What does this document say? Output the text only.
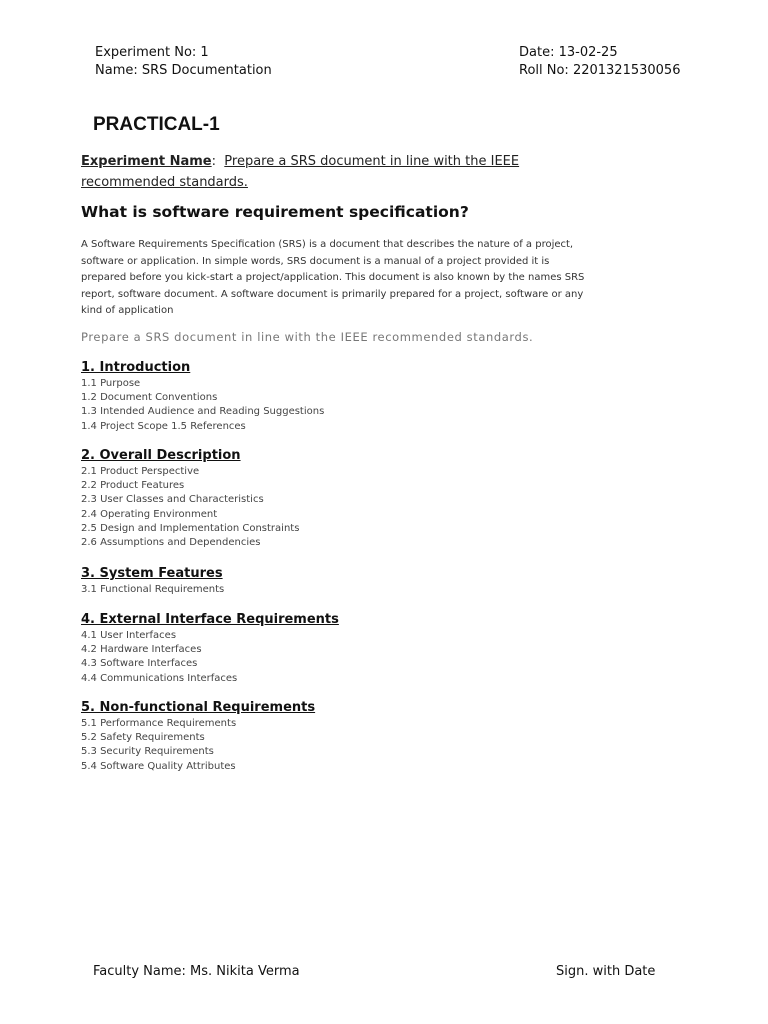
Experiment No: 1
Name: SRS Documentation
Date: 13-02-25
Roll No: 2201321530056
PRACTICAL-1
Experiment Name:  Prepare a SRS document in line with the IEEE recommended standards.
What is software requirement specification?
A Software Requirements Specification (SRS) is a document that describes the nature of a project, software or application. In simple words, SRS document is a manual of a project provided it is prepared before you kick-start a project/application. This document is also known by the names SRS report, software document. A software document is primarily prepared for a project, software or any kind of application
Prepare a SRS document in line with the IEEE recommended standards.
1. Introduction
1.1 Purpose
1.2 Document Conventions
1.3 Intended Audience and Reading Suggestions
1.4 Project Scope 1.5 References
2. Overall Description
2.1 Product Perspective
2.2 Product Features
2.3 User Classes and Characteristics
2.4 Operating Environment
2.5 Design and Implementation Constraints
2.6 Assumptions and Dependencies
3. System Features
3.1 Functional Requirements
4. External Interface Requirements
4.1 User Interfaces
4.2 Hardware Interfaces
4.3 Software Interfaces
4.4 Communications Interfaces
5. Non-functional Requirements
5.1 Performance Requirements
5.2 Safety Requirements
5.3 Security Requirements
5.4 Software Quality Attributes
Faculty Name: Ms. Nikita Verma	Sign. with Date
